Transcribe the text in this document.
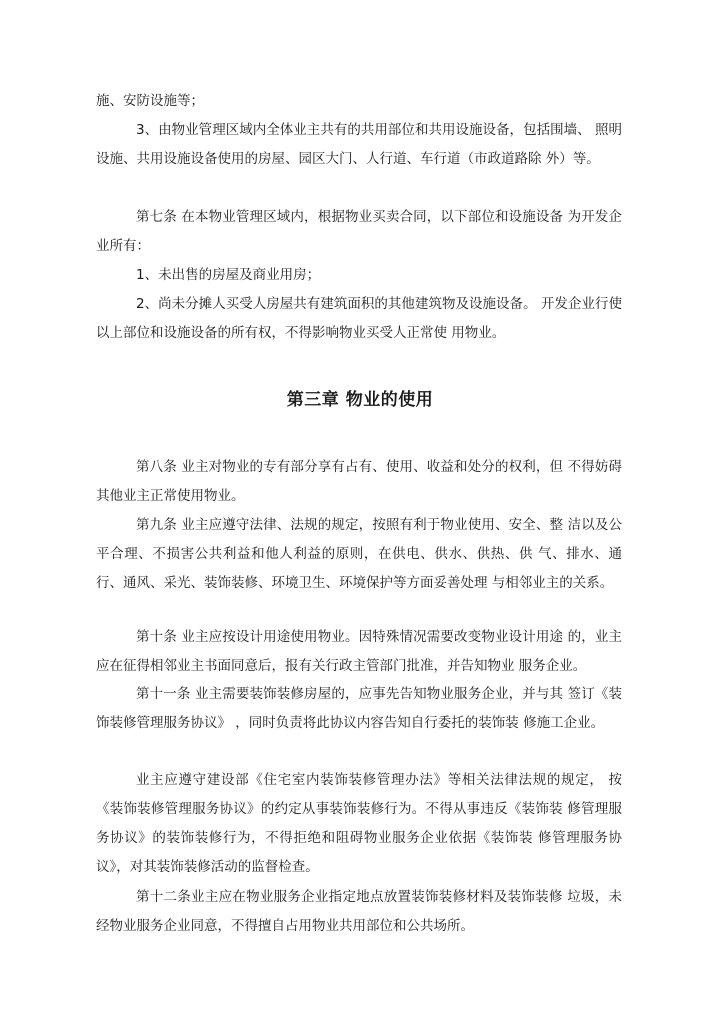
施、安防设施等；

3、由物业管理区域内全体业主共有的共用部位和共用设施设备，包括围墙、 照明设施、共用设施设备使用的房屋、园区大门、人行道、车行道（市政道路除 外）等。

第七条 在本物业管理区域内，根据物业买卖合同，以下部位和设施设备 为开发企业所有：

1、未出售的房屋及商业用房；

2、尚未分摊人买受人房屋共有建筑面积的其他建筑物及设施设备。 开发企业行使以上部位和设施设备的所有权，不得影响物业买受人正常使 用物业。

第三章 物业的使用

第八条 业主对物业的专有部分享有占有、使用、收益和处分的权利，但 不得妨碍其他业主正常使用物业。

第九条 业主应遵守法律、法规的规定，按照有利于物业使用、安全、整 洁以及公平合理、不损害公共利益和他人利益的原则，在供电、供水、供热、供 气、排水、通行、通风、采光、装饰装修、环境卫生、环境保护等方面妥善处理 与相邻业主的关系。

第十条 业主应按设计用途使用物业。因特殊情况需要改变物业设计用途 的，业主应在征得相邻业主书面同意后，报有关行政主管部门批准，并告知物业 服务企业。

第十一条 业主需要装饰装修房屋的，应事先告知物业服务企业，并与其 签订《装饰装修管理服务协议》 ，同时负责将此协议内容告知自行委托的装饰装 修施工企业。

业主应遵守建设部《住宅室内装饰装修管理办法》等相关法律法规的规定， 按《装饰装修管理服务协议》的约定从事装饰装修行为。不得从事违反《装饰装 修管理服务协议》的装饰装修行为，不得拒绝和阻碍物业服务企业依据《装饰装 修管理服务协议》，对其装饰装修活动的监督检查。

第十二条业主应在物业服务企业指定地点放置装饰装修材料及装饰装修 垃圾，未经物业服务企业同意，不得擅自占用物业共用部位和公共场所。
